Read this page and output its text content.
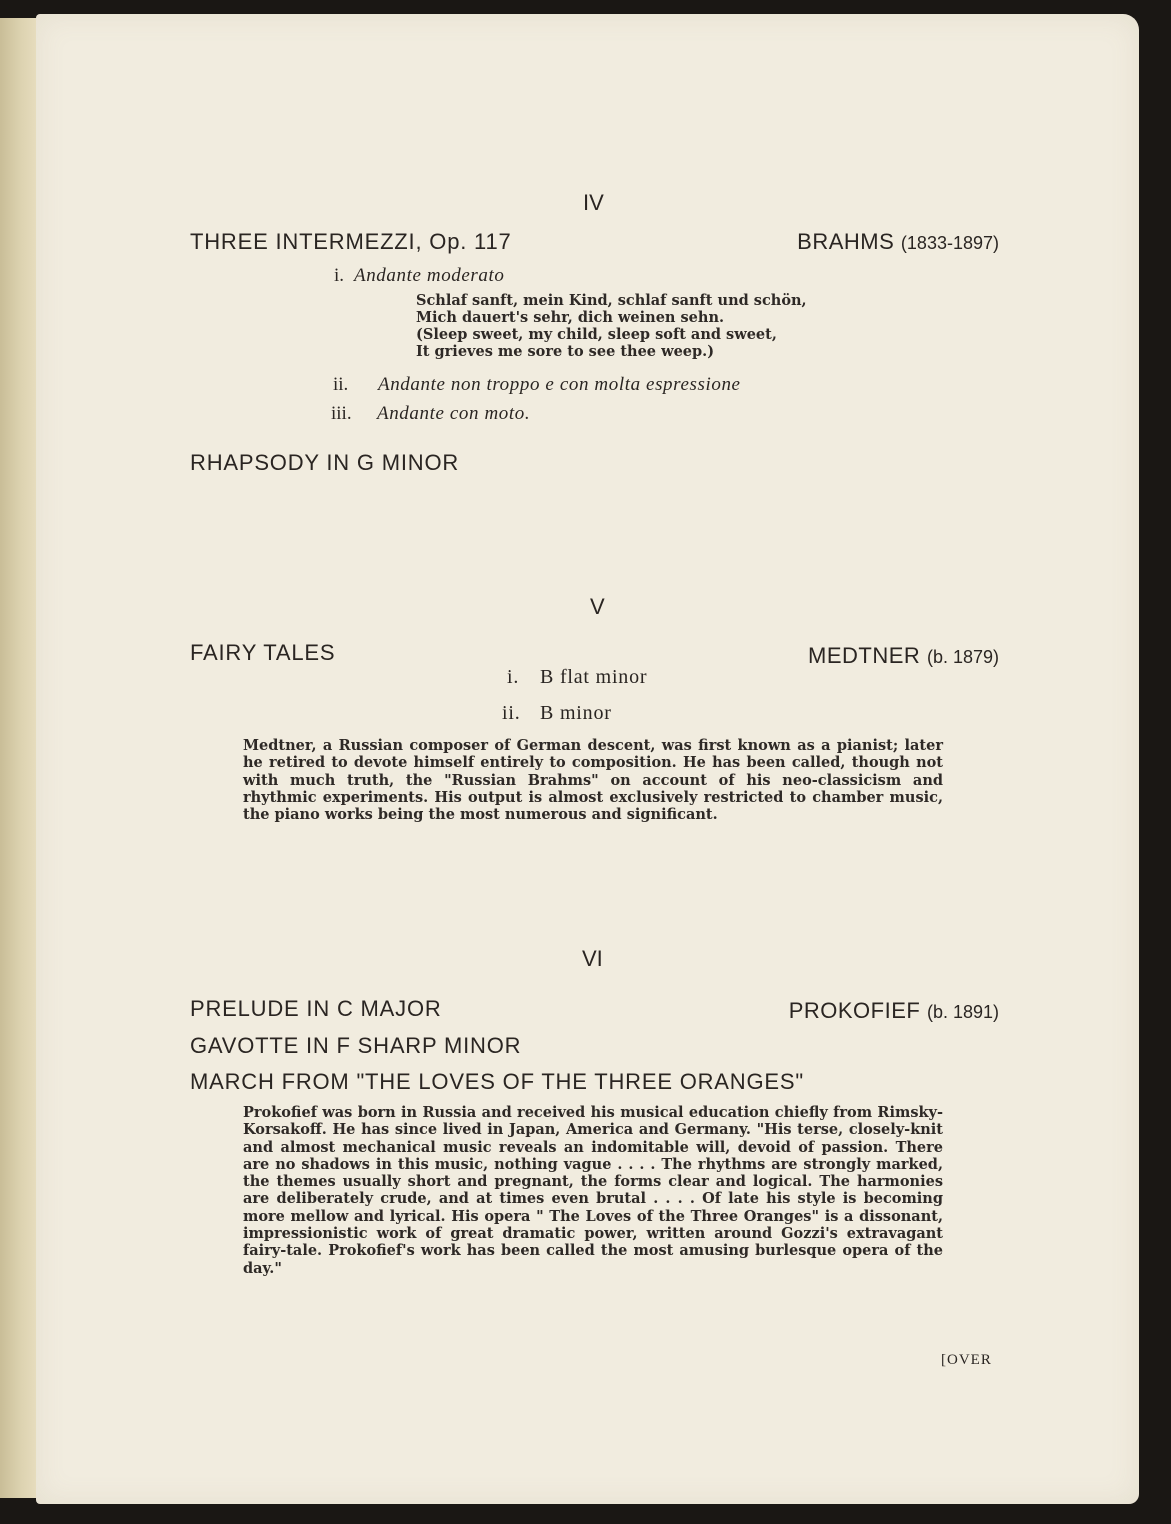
IV
THREE INTERMEZZI, Op. 117	BRAHMS (1833-1897)
i. Andante moderato
Schlaf sanft, mein Kind, schlaf sanft und schön,
Mich dauert's sehr, dich weinen sehn.
(Sleep sweet, my child, sleep soft and sweet,
It grieves me sore to see thee weep.)
ii. Andante non troppo e con molta espressione
iii. Andante con moto.
RHAPSODY IN G MINOR
V
FAIRY TALES	MEDTNER (b. 1879)
i. B flat minor
ii. B minor

Medtner, a Russian composer of German descent, was first known as a pianist; later he retired to devote himself entirely to composition. He has been called, though not with much truth, the "Russian Brahms" on account of his neo-classicism and rhythmic experiments. His output is almost exclusively restricted to chamber music, the piano works being the most numerous and significant.

VI
PRELUDE IN C MAJOR	PROKOFIEF (b. 1891)
GAVOTTE IN F SHARP MINOR
MARCH FROM "THE LOVES OF THE THREE ORANGES"

Prokofief was born in Russia and received his musical education chiefly from Rimsky-Korsakoff. He has since lived in Japan, America and Germany. "His terse, closely-knit and almost mechanical music reveals an indomitable will, devoid of passion. There are no shadows in this music, nothing vague . . . . The rhythms are strongly marked, the themes usually short and pregnant, the forms clear and logical. The harmonies are deliberately crude, and at times even brutal . . . . Of late his style is becoming more mellow and lyrical. His opera " The Loves of the Three Oranges" is a dissonant, impressionistic work of great dramatic power, written around Gozzi's extravagant fairy-tale. Prokofief's work has been called the most amusing burlesque opera of the day."

[OVER
